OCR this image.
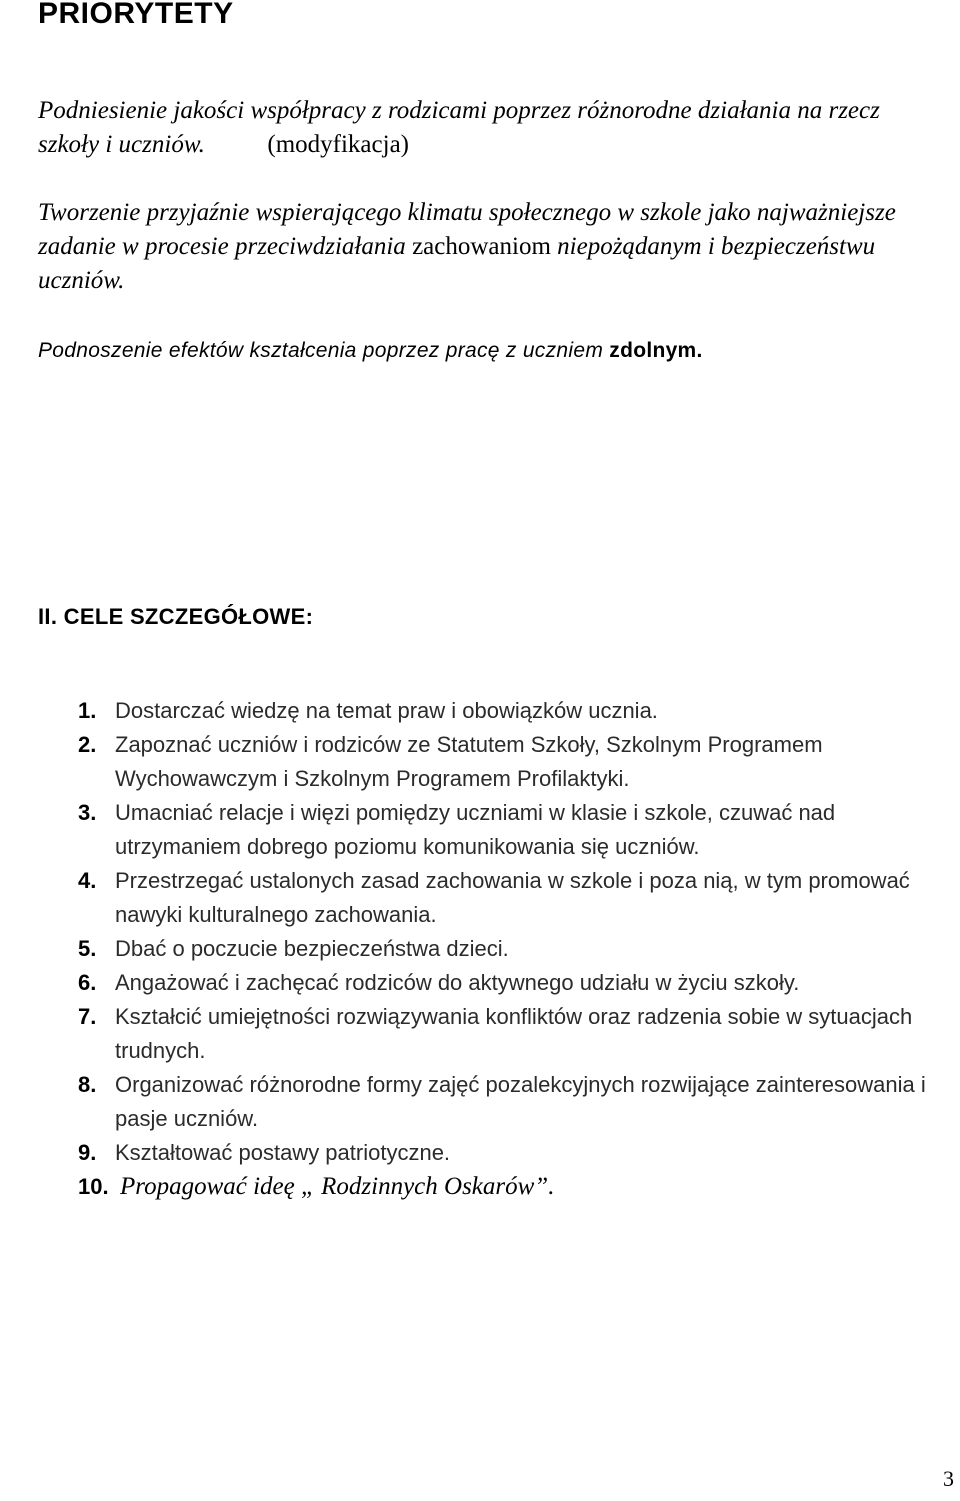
PRIORYTETY

Podniesienie jakości współpracy z rodzicami poprzez różnorodne działania na rzecz szkoły i uczniów.	(modyfikacja)

Tworzenie przyjaźnie wspierającego klimatu społecznego w szkole jako najważniejsze zadanie w procesie przeciwdziałania zachowaniom niepożądanym i bezpieczeństwu uczniów.

Podnoszenie efektów kształcenia poprzez pracę z uczniem zdolnym.

II. CELE SZCZEGÓŁOWE:
1. Dostarczać wiedzę na temat praw i obowiązków ucznia.
2. Zapoznać uczniów i rodziców ze Statutem Szkoły, Szkolnym Programem Wychowawczym i Szkolnym Programem Profilaktyki.
3. Umacniać relacje i więzi pomiędzy uczniami w klasie i szkole, czuwać nad utrzymaniem dobrego poziomu komunikowania się uczniów.
4. Przestrzegać ustalonych zasad zachowania w szkole i poza nią, w tym promować nawyki kulturalnego zachowania.
5. Dbać o poczucie bezpieczeństwa dzieci.
6. Angażować i zachęcać rodziców do aktywnego udziału w życiu szkoły.
7. Kształcić umiejętności rozwiązywania konfliktów oraz radzenia sobie w sytuacjach trudnych.
8. Organizować różnorodne formy zajęć pozalekcyjnych rozwijające zainteresowania i pasje uczniów.
9. Kształtować postawy patriotyczne.
10. Propagować ideę „ Rodzinnych Oskarów”.

3
